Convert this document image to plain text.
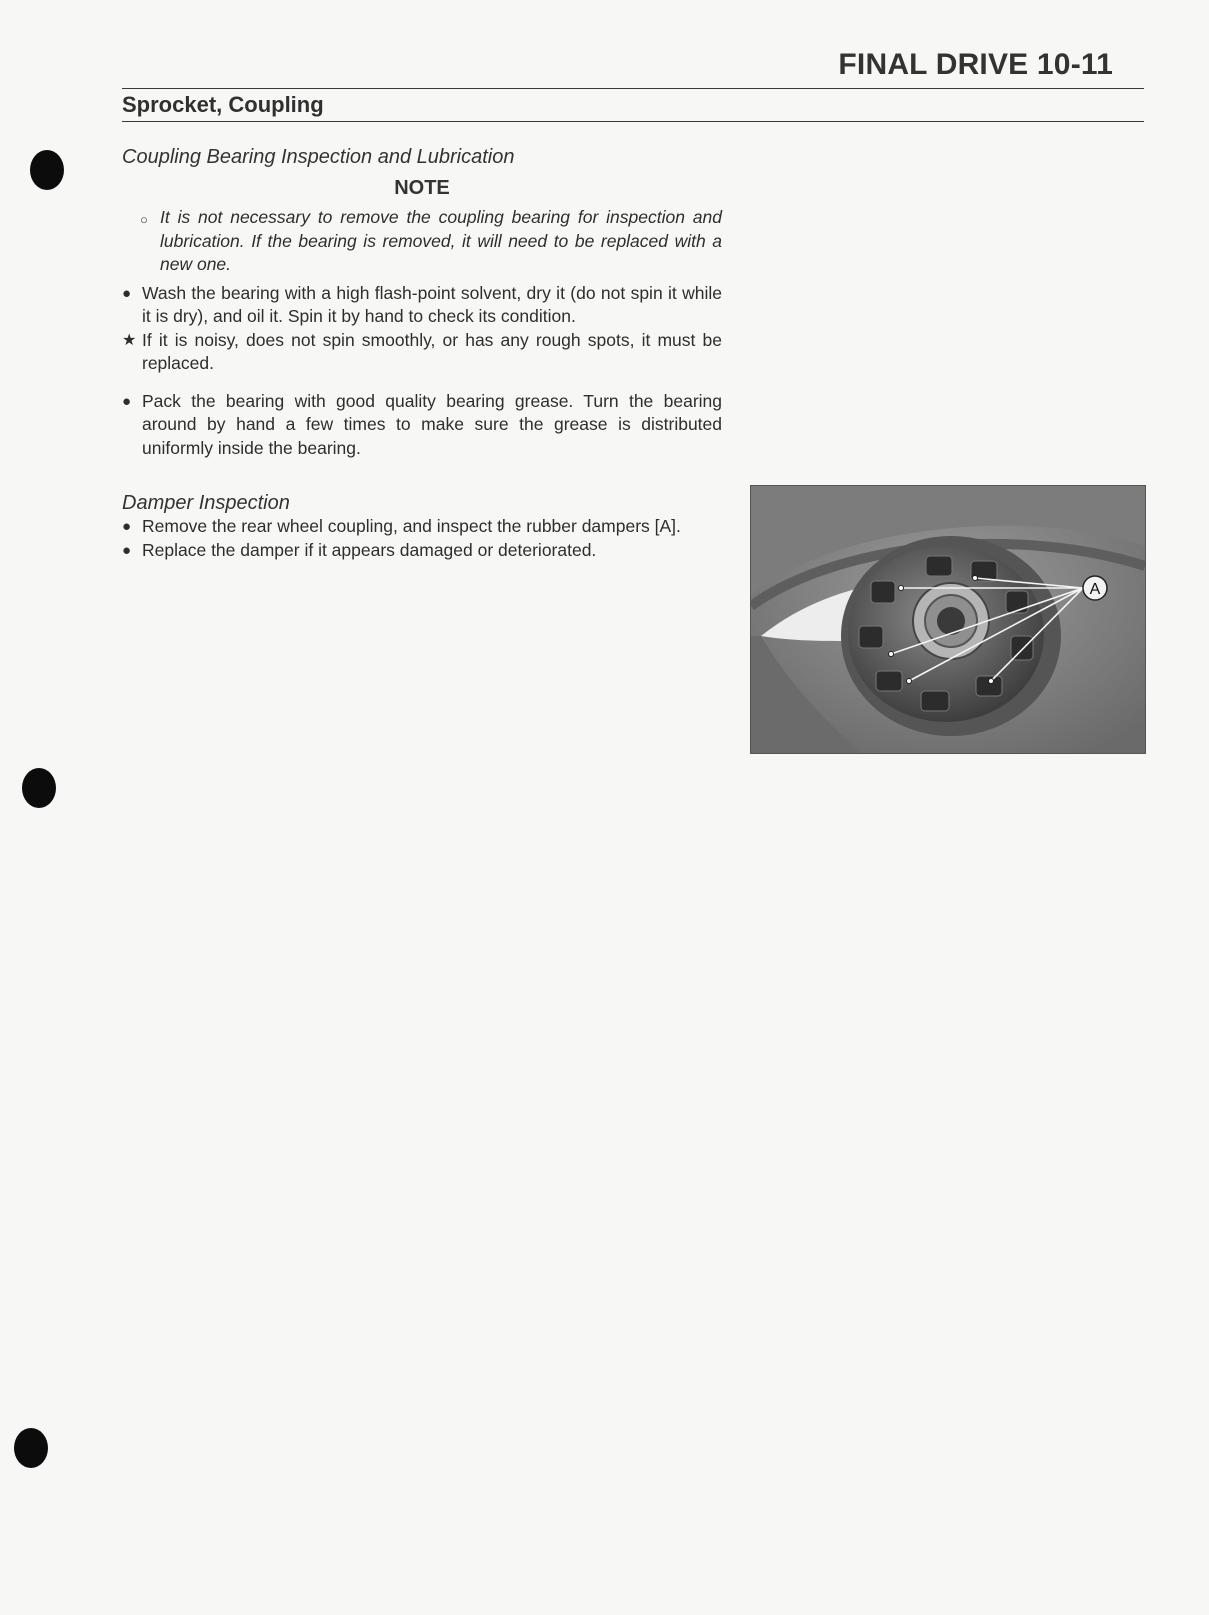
FINAL DRIVE 10-11
Sprocket, Coupling
Coupling Bearing Inspection and Lubrication
NOTE
○ It is not necessary to remove the coupling bearing for inspection and lubrication. If the bearing is removed, it will need to be replaced with a new one.
● Wash the bearing with a high flash-point solvent, dry it (do not spin it while it is dry), and oil it. Spin it by hand to check its condition.
★ If it is noisy, does not spin smoothly, or has any rough spots, it must be replaced.
● Pack the bearing with good quality bearing grease. Turn the bearing around by hand a few times to make sure the grease is distributed uniformly inside the bearing.
Damper Inspection
● Remove the rear wheel coupling, and inspect the rubber dampers [A].
● Replace the damper if it appears damaged or deteriorated.
A
